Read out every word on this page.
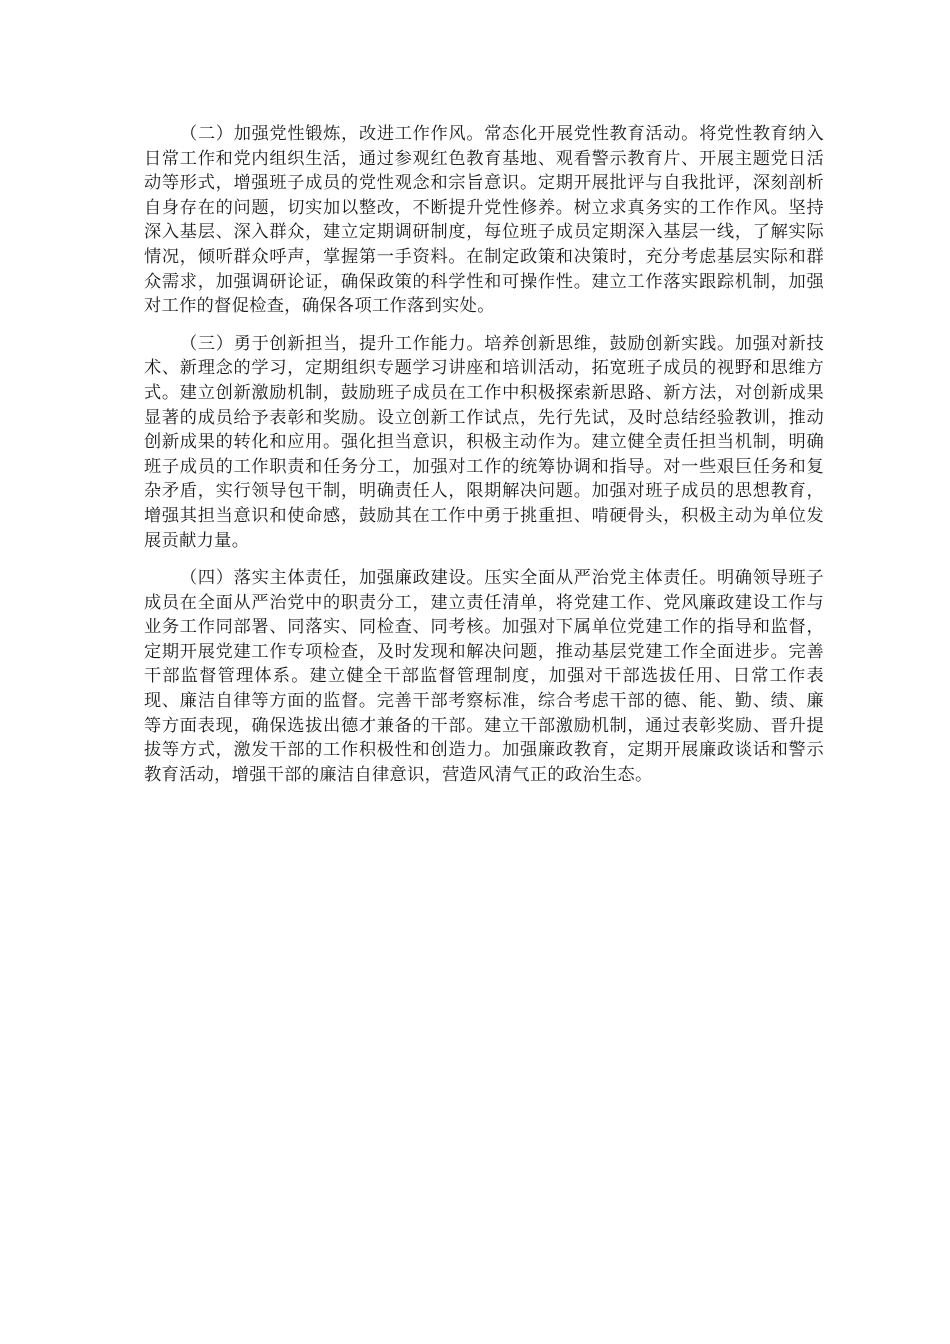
（二）加强党性锻炼，改进工作作风。常态化开展党性教育活动。将党性教育纳入日常工作和党内组织生活，通过参观红色教育基地、观看警示教育片、开展主题党日活动等形式，增强班子成员的党性观念和宗旨意识。定期开展批评与自我批评，深刻剖析自身存在的问题，切实加以整改，不断提升党性修养。树立求真务实的工作作风。坚持深入基层、深入群众，建立定期调研制度，每位班子成员定期深入基层一线，了解实际情况，倾听群众呼声，掌握第一手资料。在制定政策和决策时，充分考虑基层实际和群众需求，加强调研论证，确保政策的科学性和可操作性。建立工作落实跟踪机制，加强对工作的督促检查，确保各项工作落到实处。

（三）勇于创新担当，提升工作能力。培养创新思维，鼓励创新实践。加强对新技术、新理念的学习，定期组织专题学习讲座和培训活动，拓宽班子成员的视野和思维方式。建立创新激励机制，鼓励班子成员在工作中积极探索新思路、新方法，对创新成果显著的成员给予表彰和奖励。设立创新工作试点，先行先试，及时总结经验教训，推动创新成果的转化和应用。强化担当意识，积极主动作为。建立健全责任担当机制，明确班子成员的工作职责和任务分工，加强对工作的统筹协调和指导。对一些艰巨任务和复杂矛盾，实行领导包干制，明确责任人，限期解决问题。加强对班子成员的思想教育，增强其担当意识和使命感，鼓励其在工作中勇于挑重担、啃硬骨头，积极主动为单位发展贡献力量。

（四）落实主体责任，加强廉政建设。压实全面从严治党主体责任。明确领导班子成员在全面从严治党中的职责分工，建立责任清单，将党建工作、党风廉政建设工作与业务工作同部署、同落实、同检查、同考核。加强对下属单位党建工作的指导和监督，定期开展党建工作专项检查，及时发现和解决问题，推动基层党建工作全面进步。完善干部监督管理体系。建立健全干部监督管理制度，加强对干部选拔任用、日常工作表现、廉洁自律等方面的监督。完善干部考察标准，综合考虑干部的德、能、勤、绩、廉等方面表现，确保选拔出德才兼备的干部。建立干部激励机制，通过表彰奖励、晋升提拔等方式，激发干部的工作积极性和创造力。加强廉政教育，定期开展廉政谈话和警示教育活动，增强干部的廉洁自律意识，营造风清气正的政治生态。
